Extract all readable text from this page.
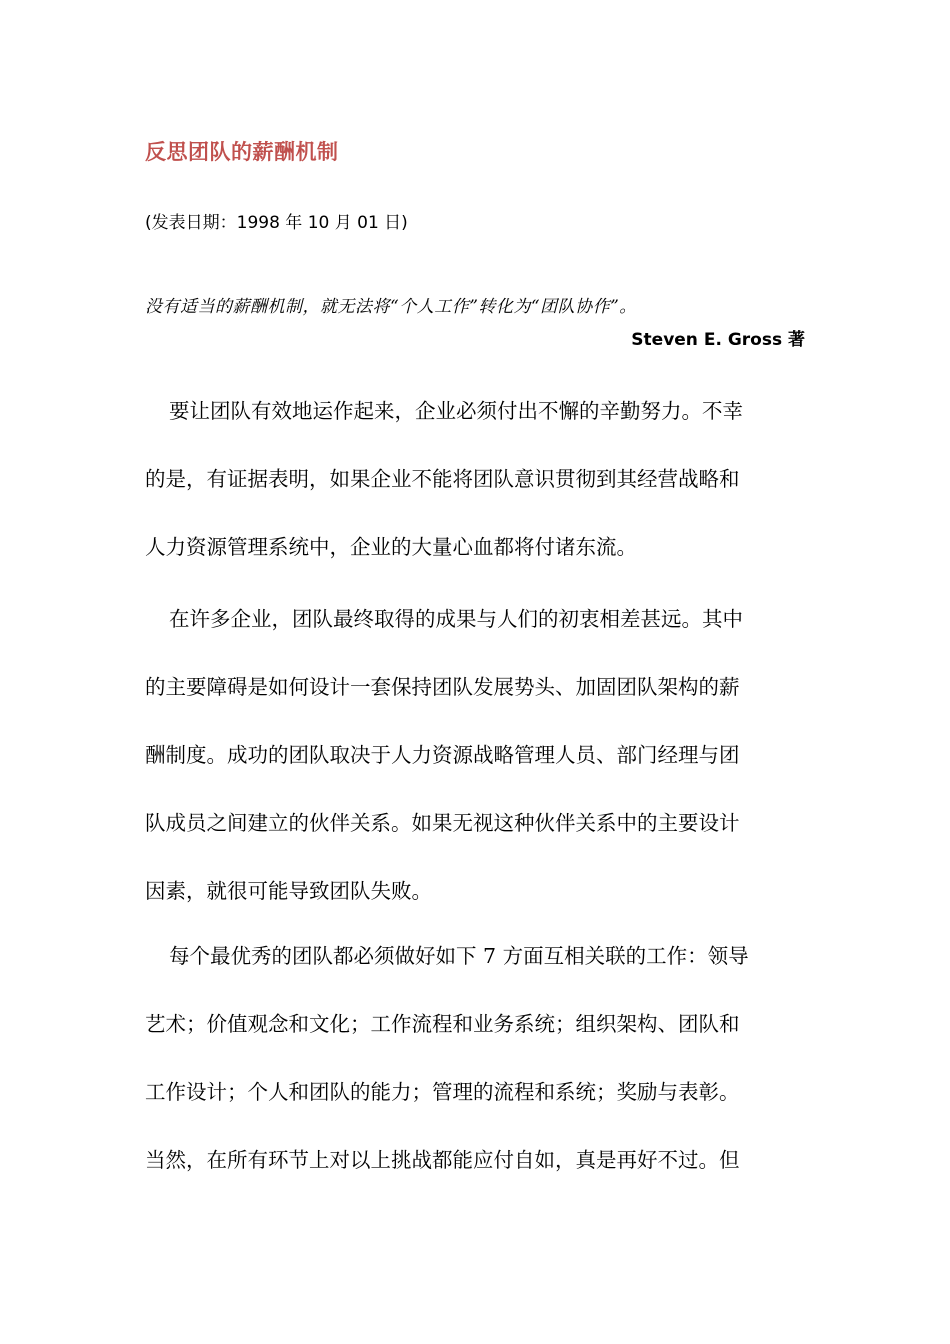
反思团队的薪酬机制
(发表日期：1998 年 10 月 01 日)
没有适当的薪酬机制，就无法将“个人工作”转化为“团队协作”。
Steven E. Gross 著
要让团队有效地运作起来，企业必须付出不懈的辛勤努力。不幸
的是，有证据表明，如果企业不能将团队意识贯彻到其经营战略和
人力资源管理系统中，企业的大量心血都将付诸东流。
在许多企业，团队最终取得的成果与人们的初衷相差甚远。其中
的主要障碍是如何设计一套保持团队发展势头、加固团队架构的薪
酬制度。成功的团队取决于人力资源战略管理人员、部门经理与团
队成员之间建立的伙伴关系。如果无视这种伙伴关系中的主要设计
因素，就很可能导致团队失败。
每个最优秀的团队都必须做好如下 7 方面互相关联的工作：领导
艺术；价值观念和文化；工作流程和业务系统；组织架构、团队和
工作设计；个人和团队的能力；管理的流程和系统；奖励与表彰。
当然，在所有环节上对以上挑战都能应付自如，真是再好不过。但
